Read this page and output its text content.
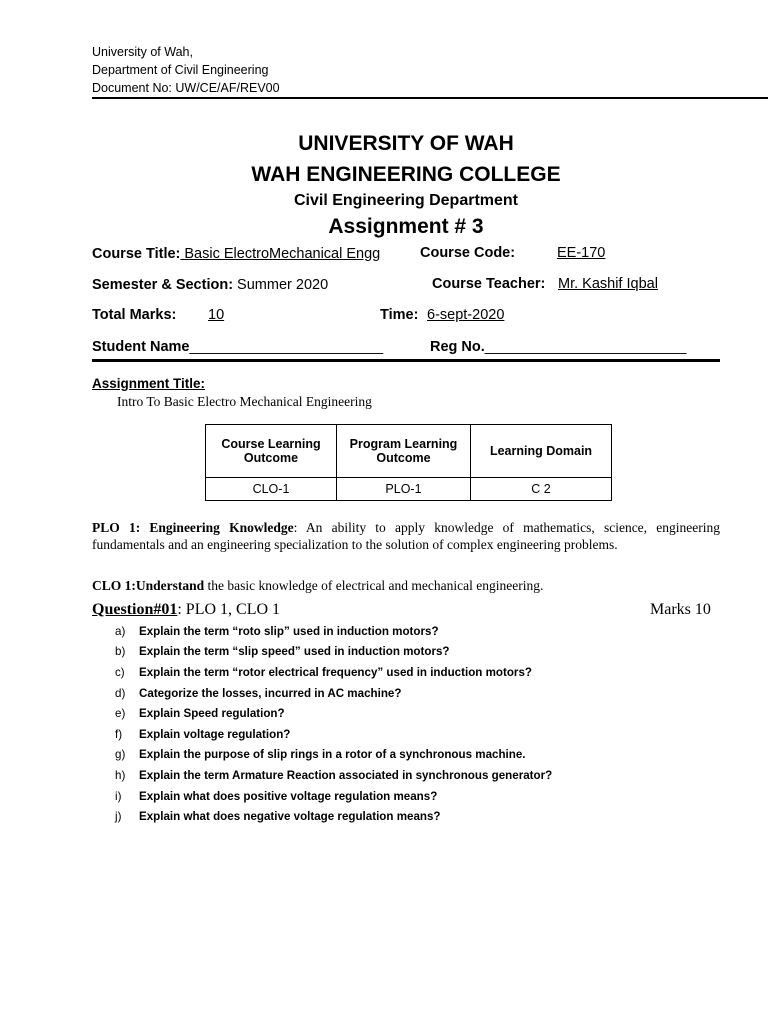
University of Wah,
Department of Civil Engineering
Document No: UW/CE/AF/REV00
UNIVERSITY OF WAH
WAH ENGINEERING COLLEGE
Civil Engineering Department
Assignment # 3
Course Title: Basic ElectroMechanical Engg	Course Code:	EE-170
Semester & Section: Summer 2020	Course Teacher: Mr. Kashif Iqbal
Total Marks: 10	Time: 6-sept-2020
Student Name________________________	Reg No._________________________
Assignment Title:
Intro To Basic Electro Mechanical Engineering
Course Learning Outcome	Program Learning Outcome	Learning Domain
CLO-1	PLO-1	C 2
PLO 1: Engineering Knowledge: An ability to apply knowledge of mathematics, science, engineering fundamentals and an engineering specialization to the solution of complex engineering problems.
CLO 1:Understand the basic knowledge of electrical and mechanical engineering.
Question#01: PLO 1, CLO 1	Marks 10
a)	Explain the term “roto slip” used in induction motors?
b)	Explain the term “slip speed” used in induction motors?
c)	Explain the term “rotor electrical frequency” used in induction motors?
d)	Categorize the losses, incurred in AC machine?
e)	Explain Speed regulation?
f)	Explain voltage regulation?
g)	Explain the purpose of slip rings in a rotor of a synchronous machine.
h)	Explain the term Armature Reaction associated in synchronous generator?
i)	Explain what does positive voltage regulation means?
j)	Explain what does negative voltage regulation means?
